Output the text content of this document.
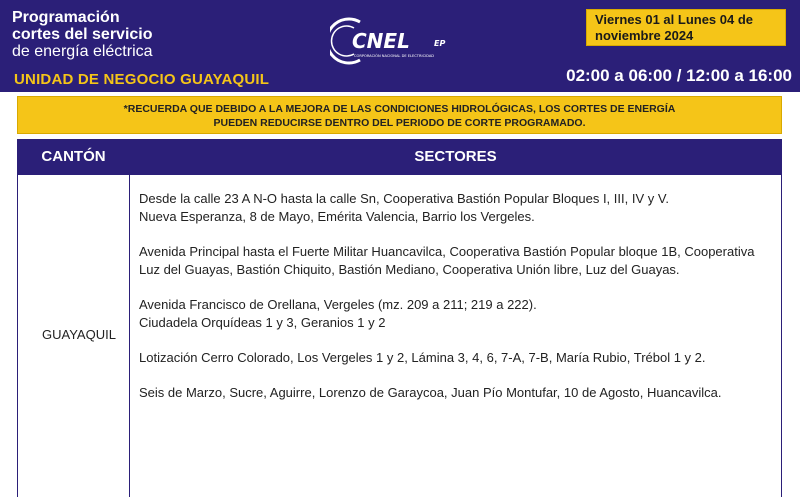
Programación
cortes del servicio
de energía eléctrica
UNIDAD DE NEGOCIO GUAYAQUIL
CNEL	EP
CORPORACIÓN NACIONAL DE ELECTRICIDAD
Viernes 01 al Lunes 04 de noviembre 2024
02:00 a 06:00 / 12:00 a 16:00
*RECUERDA QUE DEBIDO A LA MEJORA DE LAS CONDICIONES HIDROLÓGICAS, LOS CORTES DE ENERGÍA
PUEDEN REDUCIRSE DENTRO DEL PERIODO DE CORTE PROGRAMADO.
CANTÓN	SECTORES
GUAYAQUIL

Desde la calle 23 A N-O hasta la calle Sn, Cooperativa Bastión Popular Bloques I, III, IV y V.
Nueva Esperanza, 8 de Mayo, Emérita Valencia, Barrio los Vergeles.

Avenida Principal hasta el Fuerte Militar Huancavilca, Cooperativa Bastión Popular bloque 1B, Cooperativa
Luz del Guayas, Bastión Chiquito, Bastión Mediano, Cooperativa Unión libre, Luz del Guayas.

Avenida Francisco de Orellana, Vergeles (mz. 209 a 211; 219 a 222).
Ciudadela Orquídeas 1 y 3, Geranios 1 y 2

Lotización Cerro Colorado, Los Vergeles 1 y 2, Lámina 3, 4, 6, 7-A, 7-B, María Rubio, Trébol 1 y 2.

Seis de Marzo, Sucre, Aguirre, Lorenzo de Garaycoa, Juan Pío Montufar, 10 de Agosto, Huancavilca.
